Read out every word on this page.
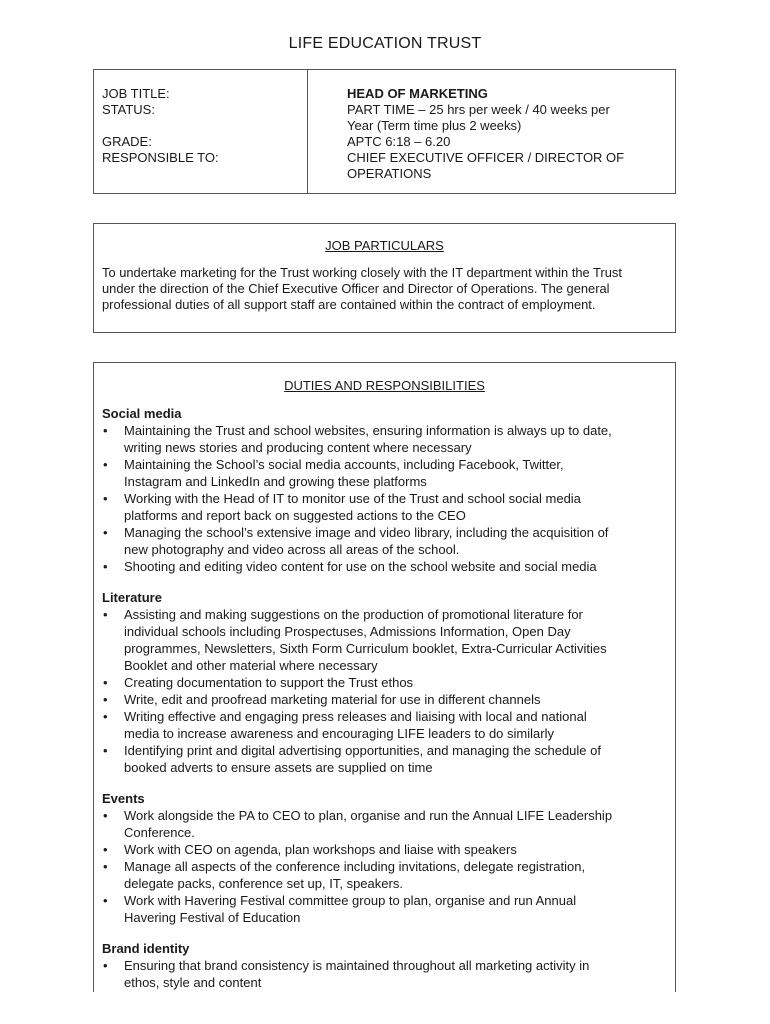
LIFE EDUCATION TRUST
JOB TITLE:
STATUS:
GRADE:
RESPONSIBLE TO:
HEAD OF MARKETING
PART TIME – 25 hrs per week / 40 weeks per
Year (Term time plus 2 weeks)
APTC 6:18 – 6.20
CHIEF EXECUTIVE OFFICER / DIRECTOR OF
OPERATIONS
JOB PARTICULARS
To undertake marketing for the Trust working closely with the IT department within the Trust
under the direction of the Chief Executive Officer and Director of Operations. The general
professional duties of all support staff are contained within the contract of employment.
DUTIES AND RESPONSIBILITIES
Social media
• Maintaining the Trust and school websites, ensuring information is always up to date,
writing news stories and producing content where necessary
• Maintaining the School’s social media accounts, including Facebook, Twitter,
Instagram and LinkedIn and growing these platforms
• Working with the Head of IT to monitor use of the Trust and school social media
platforms and report back on suggested actions to the CEO
• Managing the school’s extensive image and video library, including the acquisition of
new photography and video across all areas of the school.
• Shooting and editing video content for use on the school website and social media
Literature
• Assisting and making suggestions on the production of promotional literature for
individual schools including Prospectuses, Admissions Information, Open Day
programmes, Newsletters, Sixth Form Curriculum booklet, Extra-Curricular Activities
Booklet and other material where necessary
• Creating documentation to support the Trust ethos
• Write, edit and proofread marketing material for use in different channels
• Writing effective and engaging press releases and liaising with local and national
media to increase awareness and encouraging LIFE leaders to do similarly
• Identifying print and digital advertising opportunities, and managing the schedule of
booked adverts to ensure assets are supplied on time
Events
• Work alongside the PA to CEO to plan, organise and run the Annual LIFE Leadership
Conference.
• Work with CEO on agenda, plan workshops and liaise with speakers
• Manage all aspects of the conference including invitations, delegate registration,
delegate packs, conference set up, IT, speakers.
• Work with Havering Festival committee group to plan, organise and run Annual
Havering Festival of Education
Brand identity
• Ensuring that brand consistency is maintained throughout all marketing activity in
ethos, style and content
